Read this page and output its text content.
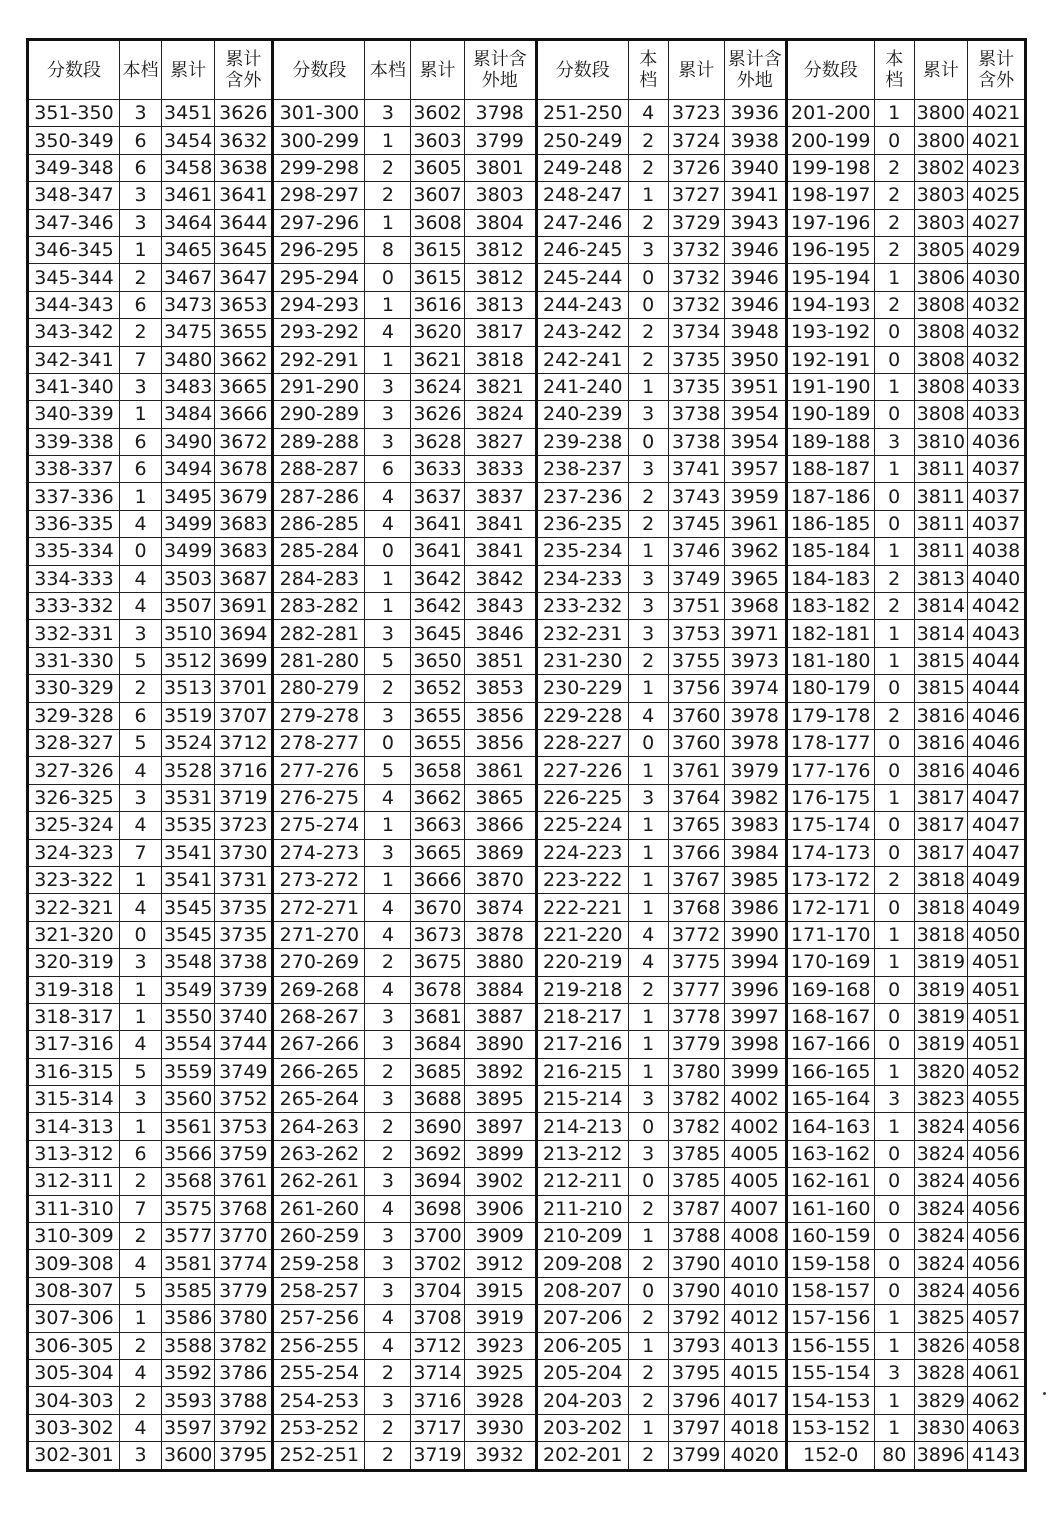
分数段	本档	累计	累计含外	分数段	本档	累计	累计含外地	分数段	本档	累计	累计含外地	分数段	本档	累计	累计含外
351-350	3	3451	3626	301-300	3	3602	3798	251-250	4	3723	3936	201-200	1	3800	4021
350-349	6	3454	3632	300-299	1	3603	3799	250-249	2	3724	3938	200-199	0	3800	4021
349-348	6	3458	3638	299-298	2	3605	3801	249-248	2	3726	3940	199-198	2	3802	4023
348-347	3	3461	3641	298-297	2	3607	3803	248-247	1	3727	3941	198-197	2	3803	4025
347-346	3	3464	3644	297-296	1	3608	3804	247-246	2	3729	3943	197-196	2	3803	4027
346-345	1	3465	3645	296-295	8	3615	3812	246-245	3	3732	3946	196-195	2	3805	4029
345-344	2	3467	3647	295-294	0	3615	3812	245-244	0	3732	3946	195-194	1	3806	4030
344-343	6	3473	3653	294-293	1	3616	3813	244-243	0	3732	3946	194-193	2	3808	4032
343-342	2	3475	3655	293-292	4	3620	3817	243-242	2	3734	3948	193-192	0	3808	4032
342-341	7	3480	3662	292-291	1	3621	3818	242-241	2	3735	3950	192-191	0	3808	4032
341-340	3	3483	3665	291-290	3	3624	3821	241-240	1	3735	3951	191-190	1	3808	4033
340-339	1	3484	3666	290-289	3	3626	3824	240-239	3	3738	3954	190-189	0	3808	4033
339-338	6	3490	3672	289-288	3	3628	3827	239-238	0	3738	3954	189-188	3	3810	4036
338-337	6	3494	3678	288-287	6	3633	3833	238-237	3	3741	3957	188-187	1	3811	4037
337-336	1	3495	3679	287-286	4	3637	3837	237-236	2	3743	3959	187-186	0	3811	4037
336-335	4	3499	3683	286-285	4	3641	3841	236-235	2	3745	3961	186-185	0	3811	4037
335-334	0	3499	3683	285-284	0	3641	3841	235-234	1	3746	3962	185-184	1	3811	4038
334-333	4	3503	3687	284-283	1	3642	3842	234-233	3	3749	3965	184-183	2	3813	4040
333-332	4	3507	3691	283-282	1	3642	3843	233-232	3	3751	3968	183-182	2	3814	4042
332-331	3	3510	3694	282-281	3	3645	3846	232-231	3	3753	3971	182-181	1	3814	4043
331-330	5	3512	3699	281-280	5	3650	3851	231-230	2	3755	3973	181-180	1	3815	4044
330-329	2	3513	3701	280-279	2	3652	3853	230-229	1	3756	3974	180-179	0	3815	4044
329-328	6	3519	3707	279-278	3	3655	3856	229-228	4	3760	3978	179-178	2	3816	4046
328-327	5	3524	3712	278-277	0	3655	3856	228-227	0	3760	3978	178-177	0	3816	4046
327-326	4	3528	3716	277-276	5	3658	3861	227-226	1	3761	3979	177-176	0	3816	4046
326-325	3	3531	3719	276-275	4	3662	3865	226-225	3	3764	3982	176-175	1	3817	4047
325-324	4	3535	3723	275-274	1	3663	3866	225-224	1	3765	3983	175-174	0	3817	4047
324-323	7	3541	3730	274-273	3	3665	3869	224-223	1	3766	3984	174-173	0	3817	4047
323-322	1	3541	3731	273-272	1	3666	3870	223-222	1	3767	3985	173-172	2	3818	4049
322-321	4	3545	3735	272-271	4	3670	3874	222-221	1	3768	3986	172-171	0	3818	4049
321-320	0	3545	3735	271-270	4	3673	3878	221-220	4	3772	3990	171-170	1	3818	4050
320-319	3	3548	3738	270-269	2	3675	3880	220-219	4	3775	3994	170-169	1	3819	4051
319-318	1	3549	3739	269-268	4	3678	3884	219-218	2	3777	3996	169-168	0	3819	4051
318-317	1	3550	3740	268-267	3	3681	3887	218-217	1	3778	3997	168-167	0	3819	4051
317-316	4	3554	3744	267-266	3	3684	3890	217-216	1	3779	3998	167-166	0	3819	4051
316-315	5	3559	3749	266-265	2	3685	3892	216-215	1	3780	3999	166-165	1	3820	4052
315-314	3	3560	3752	265-264	3	3688	3895	215-214	3	3782	4002	165-164	3	3823	4055
314-313	1	3561	3753	264-263	2	3690	3897	214-213	0	3782	4002	164-163	1	3824	4056
313-312	6	3566	3759	263-262	2	3692	3899	213-212	3	3785	4005	163-162	0	3824	4056
312-311	2	3568	3761	262-261	3	3694	3902	212-211	0	3785	4005	162-161	0	3824	4056
311-310	7	3575	3768	261-260	4	3698	3906	211-210	2	3787	4007	161-160	0	3824	4056
310-309	2	3577	3770	260-259	3	3700	3909	210-209	1	3788	4008	160-159	0	3824	4056
309-308	4	3581	3774	259-258	3	3702	3912	209-208	2	3790	4010	159-158	0	3824	4056
308-307	5	3585	3779	258-257	3	3704	3915	208-207	0	3790	4010	158-157	0	3824	4056
307-306	1	3586	3780	257-256	4	3708	3919	207-206	2	3792	4012	157-156	1	3825	4057
306-305	2	3588	3782	256-255	4	3712	3923	206-205	1	3793	4013	156-155	1	3826	4058
305-304	4	3592	3786	255-254	2	3714	3925	205-204	2	3795	4015	155-154	3	3828	4061
304-303	2	3593	3788	254-253	3	3716	3928	204-203	2	3796	4017	154-153	1	3829	4062
303-302	4	3597	3792	253-252	2	3717	3930	203-202	1	3797	4018	153-152	1	3830	4063
302-301	3	3600	3795	252-251	2	3719	3932	202-201	2	3799	4020	152-0	80	3896	4143
